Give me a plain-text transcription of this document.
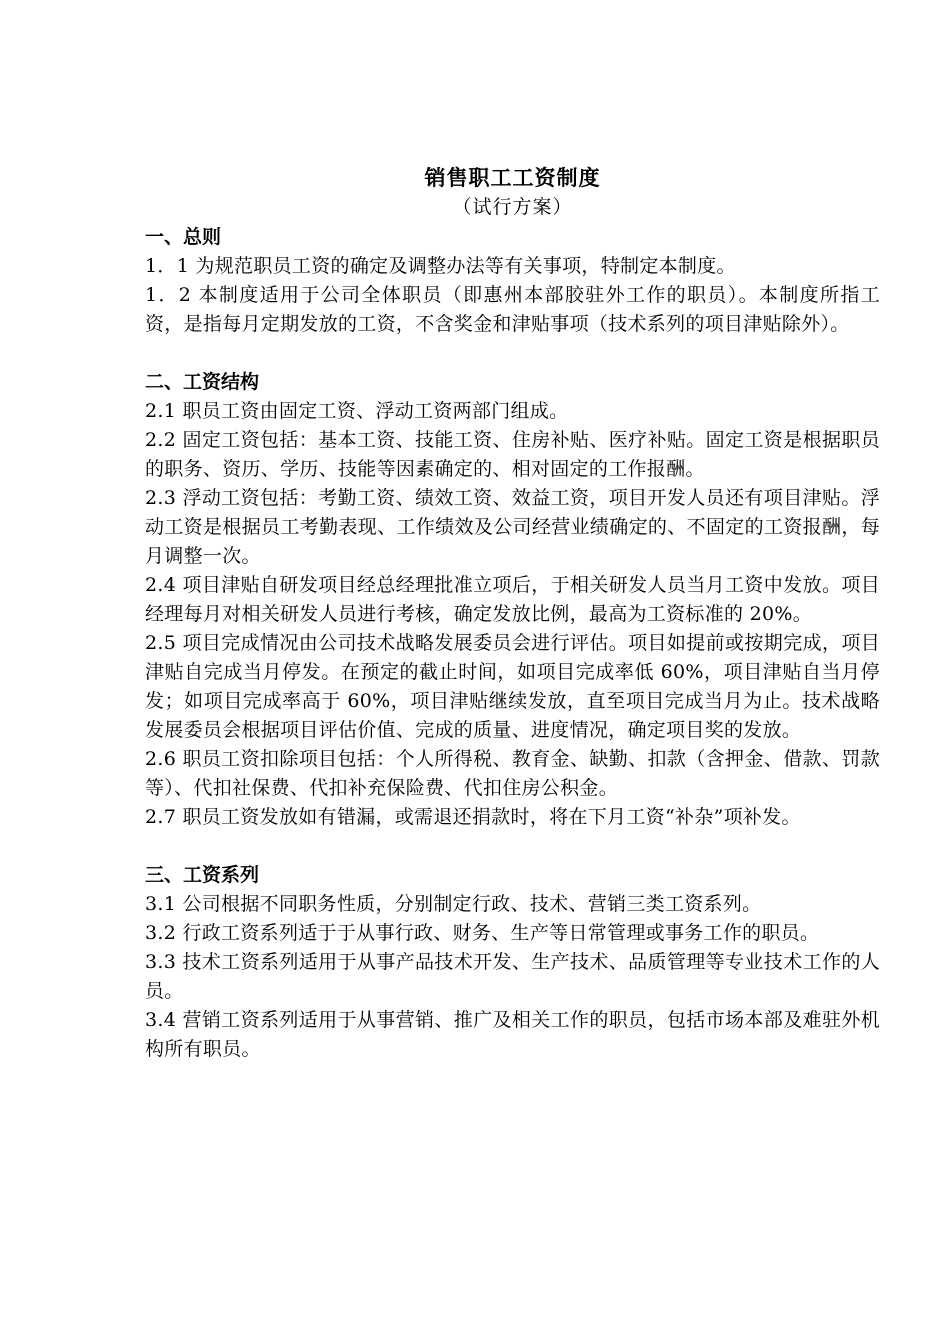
销售职工工资制度

（试行方案）

一、总则

1．1 为规范职员工资的确定及调整办法等有关事项，特制定本制度。

1．2 本制度适用于公司全体职员（即惠州本部胶驻外工作的职员）。本制度所指工资，是指每月定期发放的工资，不含奖金和津贴事项（技术系列的项目津贴除外）。

二、工资结构

2.1 职员工资由固定工资、浮动工资两部门组成。

2.2 固定工资包括：基本工资、技能工资、住房补贴、医疗补贴。固定工资是根据职员的职务、资历、学历、技能等因素确定的、相对固定的工作报酬。

2.3 浮动工资包括：考勤工资、绩效工资、效益工资，项目开发人员还有项目津贴。浮动工资是根据员工考勤表现、工作绩效及公司经营业绩确定的、不固定的工资报酬，每月调整一次。

2.4 项目津贴自研发项目经总经理批准立项后，于相关研发人员当月工资中发放。项目经理每月对相关研发人员进行考核，确定发放比例，最高为工资标准的 20%。

2.5 项目完成情况由公司技术战略发展委员会进行评估。项目如提前或按期完成，项目津贴自完成当月停发。在预定的截止时间，如项目完成率低 60%，项目津贴自当月停发；如项目完成率高于 60%，项目津贴继续发放，直至项目完成当月为止。技术战略发展委员会根据项目评估价值、完成的质量、进度情况，确定项目奖的发放。

2.6 职员工资扣除项目包括：个人所得税、教育金、缺勤、扣款（含押金、借款、罚款等）、代扣社保费、代扣补充保险费、代扣住房公积金。

2.7 职员工资发放如有错漏，或需退还捐款时，将在下月工资“补杂”项补发。

三、工资系列

3.1 公司根据不同职务性质，分别制定行政、技术、营销三类工资系列。

3.2 行政工资系列适于于从事行政、财务、生产等日常管理或事务工作的职员。

3.3 技术工资系列适用于从事产品技术开发、生产技术、品质管理等专业技术工作的人员。

3.4 营销工资系列适用于从事营销、推广及相关工作的职员，包括市场本部及难驻外机构所有职员。
